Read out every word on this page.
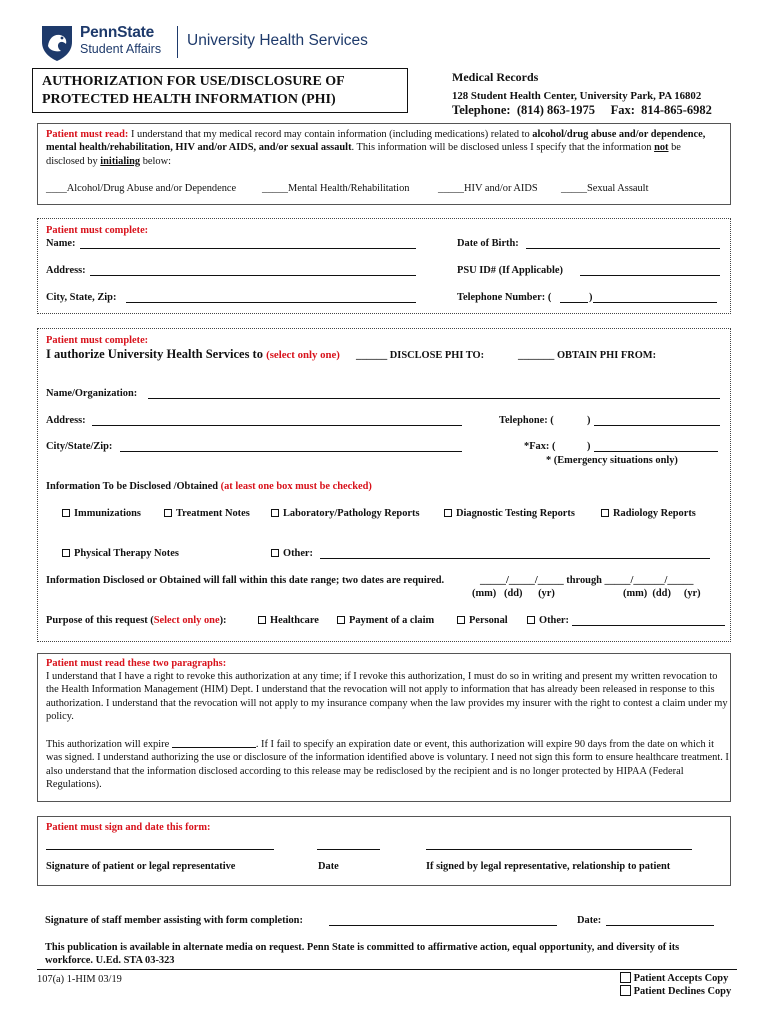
PennState
Student Affairs University Health Services
AUTHORIZATION FOR USE/DISCLOSURE OF
PROTECTED HEALTH INFORMATION (PHI)
Medical Records
128 Student Health Center, University Park, PA 16802
Telephone:  (814) 863-1975     Fax:  814-865-6982
Patient must read: I understand that my medical record may contain information (including medications) related to alcohol/drug abuse and/or dependence, mental health/rehabilitation, HIV and/or AIDS, and/or sexual assault. This information will be disclosed unless I specify that the information not be disclosed by initialing below:
____Alcohol/Drug Abuse and/or Dependence _____Mental Health/Rehabilitation	_____HIV and/or AIDS _____Sexual Assault
Patient must complete:
Name:	Date of Birth:
Address:	PSU ID# (If Applicable)
City, State, Zip:	Telephone Number: (	)
Patient must complete:
I authorize University Health Services to (select only one) ______ DISCLOSE PHI TO:	_______ OBTAIN PHI FROM:
Name/Organization:
Address:	Telephone: (	)
City/State/Zip:	*Fax: (	)
* (Emergency situations only)
Information To be Disclosed /Obtained (at least one box must be checked)
Immunizations	Treatment Notes	Laboratory/Pathology Reports	Diagnostic Testing Reports	Radiology Reports
Physical Therapy Notes	Other:
Information Disclosed or Obtained will fall within this date range; two dates are required.	_____/_____/_____ through _____/______/_____
(mm)   (dd)      (yr)	(mm)  (dd)     (yr)
Purpose of this request (Select only one):	Healthcare	Payment of a claim	Personal	Other:
Patient must read these two paragraphs:
I understand that I have a right to revoke this authorization at any time; if I revoke this authorization, I must do so in writing and present my written revocation to the Health Information Management (HIM) Dept. I understand that the revocation will not apply to information that has already been released in response to this authorization. I understand that the revocation will not apply to my insurance company when the law provides my insurer with the right to contest a claim under my policy.
This authorization will expire	. If I fail to specify an expiration date or event, this authorization will expire 90 days from the date on which it was signed. I understand authorizing the use or disclosure of the information identified above is voluntary. I need not sign this form to ensure healthcare treatment. I also understand that the information disclosed according to this release may be redisclosed by the recipient and is no longer protected by HIPAA (Federal Regulations).
Patient must sign and date this form:
Signature of patient or legal representative	Date	If signed by legal representative, relationship to patient
Signature of staff member assisting with form completion:	Date:
This publication is available in alternate media on request. Penn State is committed to affirmative action, equal opportunity, and diversity of its workforce. U.Ed. STA 03-323
107(a) 1-HIM 03/19	Patient Accepts Copy
Patient Declines Copy
